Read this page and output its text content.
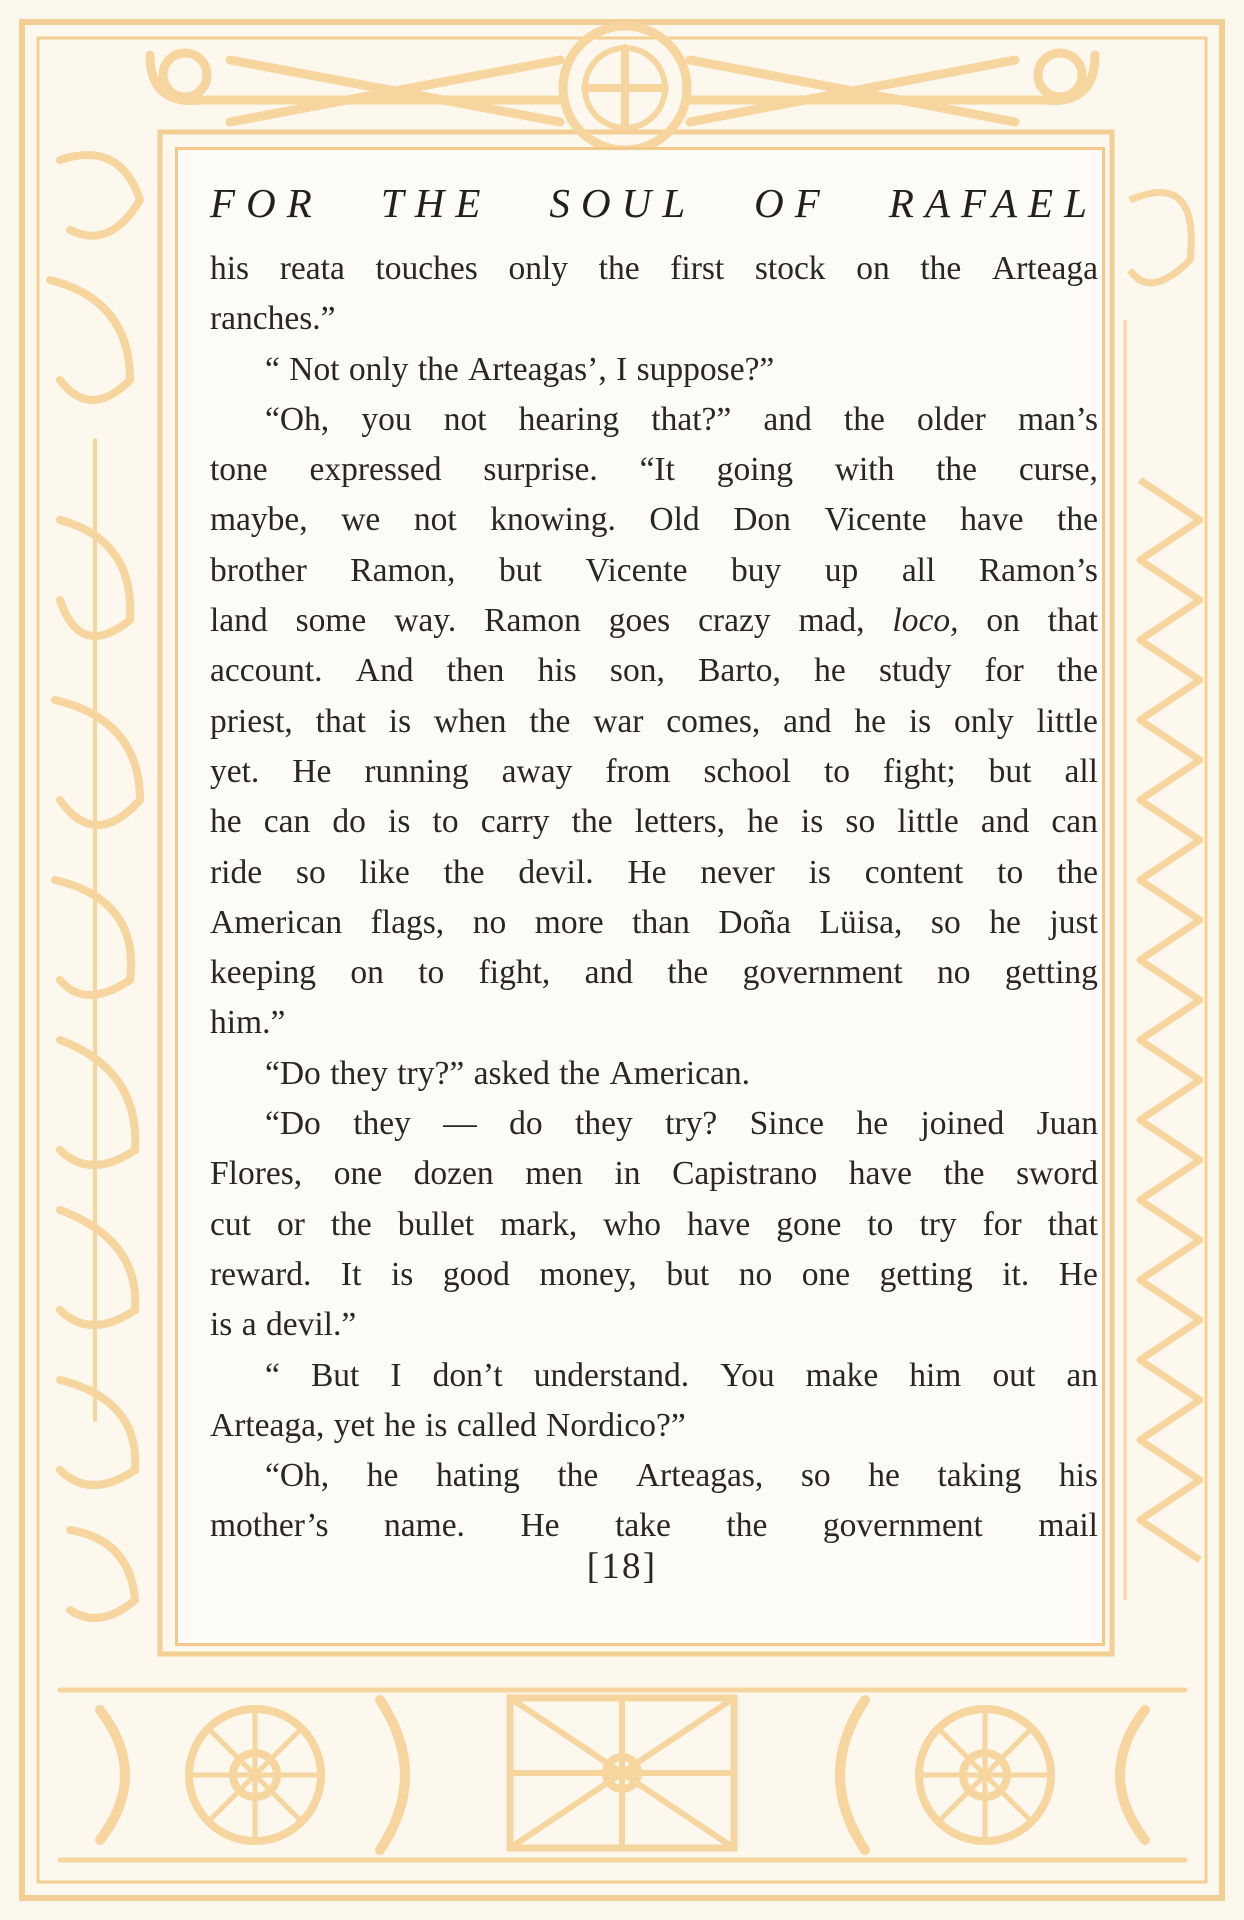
FOR THE SOUL OF RAFAEL
his reata touches only the first stock on the Arteaga
ranches.”
“ Not only the Arteagas’, I suppose?”
“Oh, you not hearing that?” and the older man’s
tone expressed surprise. “It going with the curse,
maybe, we not knowing. Old Don Vicente have the
brother Ramon, but Vicente buy up all Ramon’s
land some way. Ramon goes crazy mad, loco, on that
account. And then his son, Barto, he study for the
priest, that is when the war comes, and he is only little
yet. He running away from school to fight; but all
he can do is to carry the letters, he is so little and can
ride so like the devil. He never is content to the
American flags, no more than Doña Lüisa, so he just
keeping on to fight, and the government no getting
him.”
“Do they try?” asked the American.
“Do they — do they try? Since he joined Juan
Flores, one dozen men in Capistrano have the sword
cut or the bullet mark, who have gone to try for that
reward. It is good money, but no one getting it. He
is a devil.”
“ But I don’t understand. You make him out an
Arteaga, yet he is called Nordico?”
“Oh, he hating the Arteagas, so he taking his
mother’s name. He take the government mail
[18]
